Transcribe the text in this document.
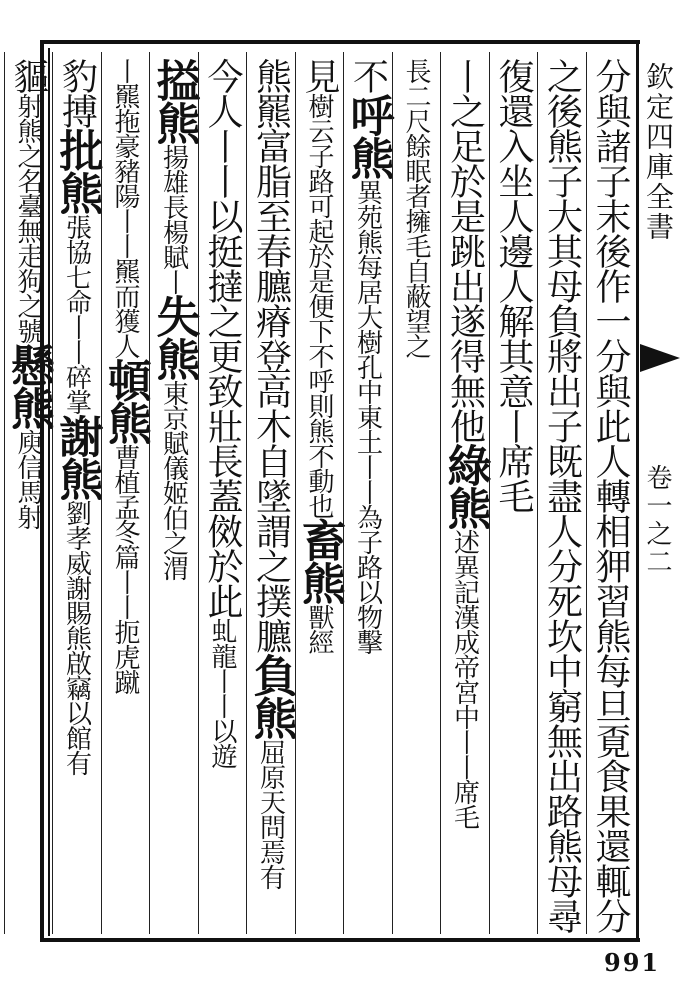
欽定四庫全書
卷一之二
991
分與諸子末後作一分與此人轉相狎習熊每旦覔食果還輒分
之後熊子大其母負將出子既盡人分死坎中窮無出路熊母尋
復還入坐人邊人解其意丨席毛
丨之足於是跳出遂得無他綠熊述異記漢成帝宮中丨丨席毛
長二尺餘眠者擁毛自蔽望之
不呼熊異苑熊每居大樹孔中東土丨丨為子路以物擊
見樹云子路可起於是便下不呼則熊不動也畜熊獸經
熊羆富脂至春臕瘠登高木自墜謂之撲臕負熊屈原天問焉有
今人丨丨以挺撻之更致壯長蓋傚於此虬龍丨丨以遊
搤熊揚雄長楊賦丨失熊東京賦儀姬伯之渭
丨羆拖豪豬陽丨丨羆而獲人頓熊曹植孟冬篇丨丨扼虎蹴
豹搏批熊張協七命丨丨碎掌謝熊劉孝威謝賜熊啟竊以館有
貙射熊之名臺無走狗之號懸熊庾信馬射
